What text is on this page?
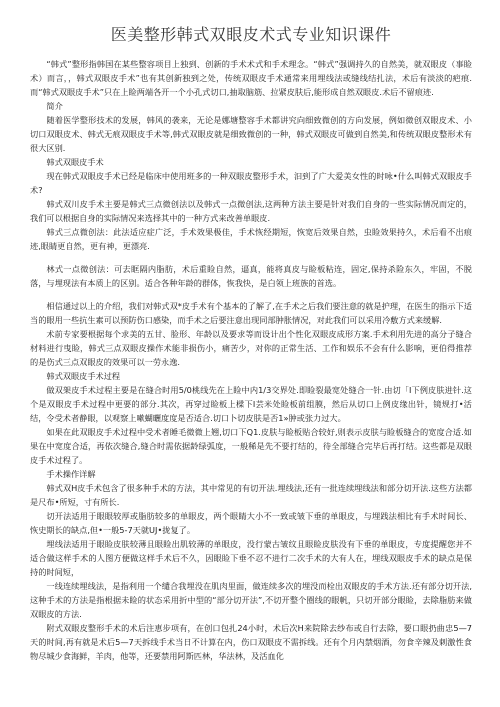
医美整形韩式双眼皮术式专业知识课件

“韩式”整形指韩国在某些整容项目上独到、创新的手术术式和手术理念。“韩式”强调持久的自然美，就双眼皮（事睑术）而言，，韩式双眼皮手术”也有其创新独到之处，传统双眼皮手术通常来用埋线法或缝线结扎法，术后有淡淡的疤痕.而“韩式双眼皮手术”只在上睑两端各开一个小孔式切口,抽取脑筋、拉紧皮肤后,能形成自然双眼皮.术后不留痕迹.

简介

随着医学整形技术的发展，韩风的袭来，无论是娜塘整容手术都讲究向细致微创的方向发展，例如微创双眼皮术、小切口双眼皮术、韩式无痕双眼皮手术等,韩式双眼皮就是细致微创的一种，韩式双眼皮可做到自然美,和传统双眼皮整形术有很大区别.

韩式双眼皮手术

现在韩式双眼皮手术已经是临床中使用班多的一种双眼皮整形手术，汩到了广大爱美女性的时咏•什么叫韩式双眼皮手术?

韩式双川皮手术主要是韩式三点微创法以及韩式一点微创法,这两种方法主要是针对我们自身的一些实际情况而定的，我们可以根据自身的实际情况来选择其中的一种方式来改善单眼皮.

韩式三点微创法：此法适应症广泛，手术效果极佳，手术恢经期短，恢宽后效果自然，虫睑效果持久，术后看不出痕迹,眼睛更自然，更有神，更漂亮.

林式一点微创法：可去眶隔内脂肪，术后重睑自然，逼真，能将真皮与睑板粘连，固定,保持杀险东久，牢固，不脱落，与埋现法有本质上的区别。适合各种年龄的群体，恢我快，是白领上班族的首选。

相信通过以上的介绍，我们对韩式双*皮手术有个基本的了解了,在手术之后我们要注意的就是护理，在医生的指示下适当的眼用一些抗生素可以预防伤口感染，而手术之后要注意出现同部肿胀情况，对此我们可以采用冷敷方式来缓解.

术前专家要根据每个求美的五甘、脸形、年龄以及要求等而设计出个性化双眼皮成形方案.手术利用先进的高分子缝合材料进行曳睑，韩式三点双眼皮操作术能非损伤小，痛苦少，对你的正常生活、工作和娱乐不会有什么影响，更伯得推荐的是伤式三点双眼皮的效果可以一劳永逸.

韩式双眼皮手术过程

做双架皮手术过程主要是在缝合时用5/0桃线先在上睑中内1/3交界处.即睑裂最宽处缝合一针.由切「I下例皮肤进针.这个是双眼皮手术过程中更要的部分.其次，再穿过睑板上樑下Ⅰ芸米处睑板前组膜，然后从切口上例皮缘出针，镜规打•活结，令受术者静眼，以观察上嗽蝴曬度度是否适合.切口卜切皮肤是否1»肿或张力过大。

如果在此双眼皮手术过程中受术者睡毛微微上翘,切口下Q1.皮肤与睑板贴合较好,则表示皮肤与睑板缝合的宽度合适.如果在中宽度合适，再依次缝合,缝合时需依据龄绿弧度，一般稀是先不要打结的，待全部缝合完毕后再打结。这些都是双眼皮手术过程了。

手术操作详解

韩式双H皮手术包含了很多种手术的方法，其中常见的有切开法.埋线法,还有一批连续埋线法和部分切开法.这些方法都是尺布•所短，寸有所长.

切开法适用于眼眼较厚或脂肪较多的单眼皮，两个眼睛大小不一致或皱下垂的单眼皮，与埋践法相比有手术时间长、恢史期长的缺点,但•一般5-7天就UJ•拢复了。

埋线法适用于眼睑皮肤较薄且眼睑出肌较薄的单眼皮，没行蒙古皱纹且眼睑皮肤没有下垂的单眼皮，专度提醒您并不适合做这样手术的人图方便做这样手术后不久，因眼睑下垂不忍不进行二次手术的大有人在，埋线双眼皮手术的缺点是保持的时间短，

一线连续埋线法，是指利用一个缱合我埋没在肌肉里面，做连续多次的埋没而栓出双眼皮的手术方法.还有部分切开法,这种手术的方法是指根据未睑的状态采用折中型的“部分切开法”,不切开整个圈线的眼帆，只切开部分眼睑，去除脂肪来做双眼皮的方法.

附式双眼皮整形手术的术后注恵步项有，在创口包扎24小时，术后次H来院除去纱布或自行去除，要口眼扔曲忠5—7天的时间,再有就是术后5—7天拆线手术当日不计算在内，伤口双眼皮不需拆线。还有个月内禁烟酒，勿食辛辣及刺激性食物尽城少食海鲜，羊肉，他等，还要禁用阿斯匹林，华法林，及活血化
